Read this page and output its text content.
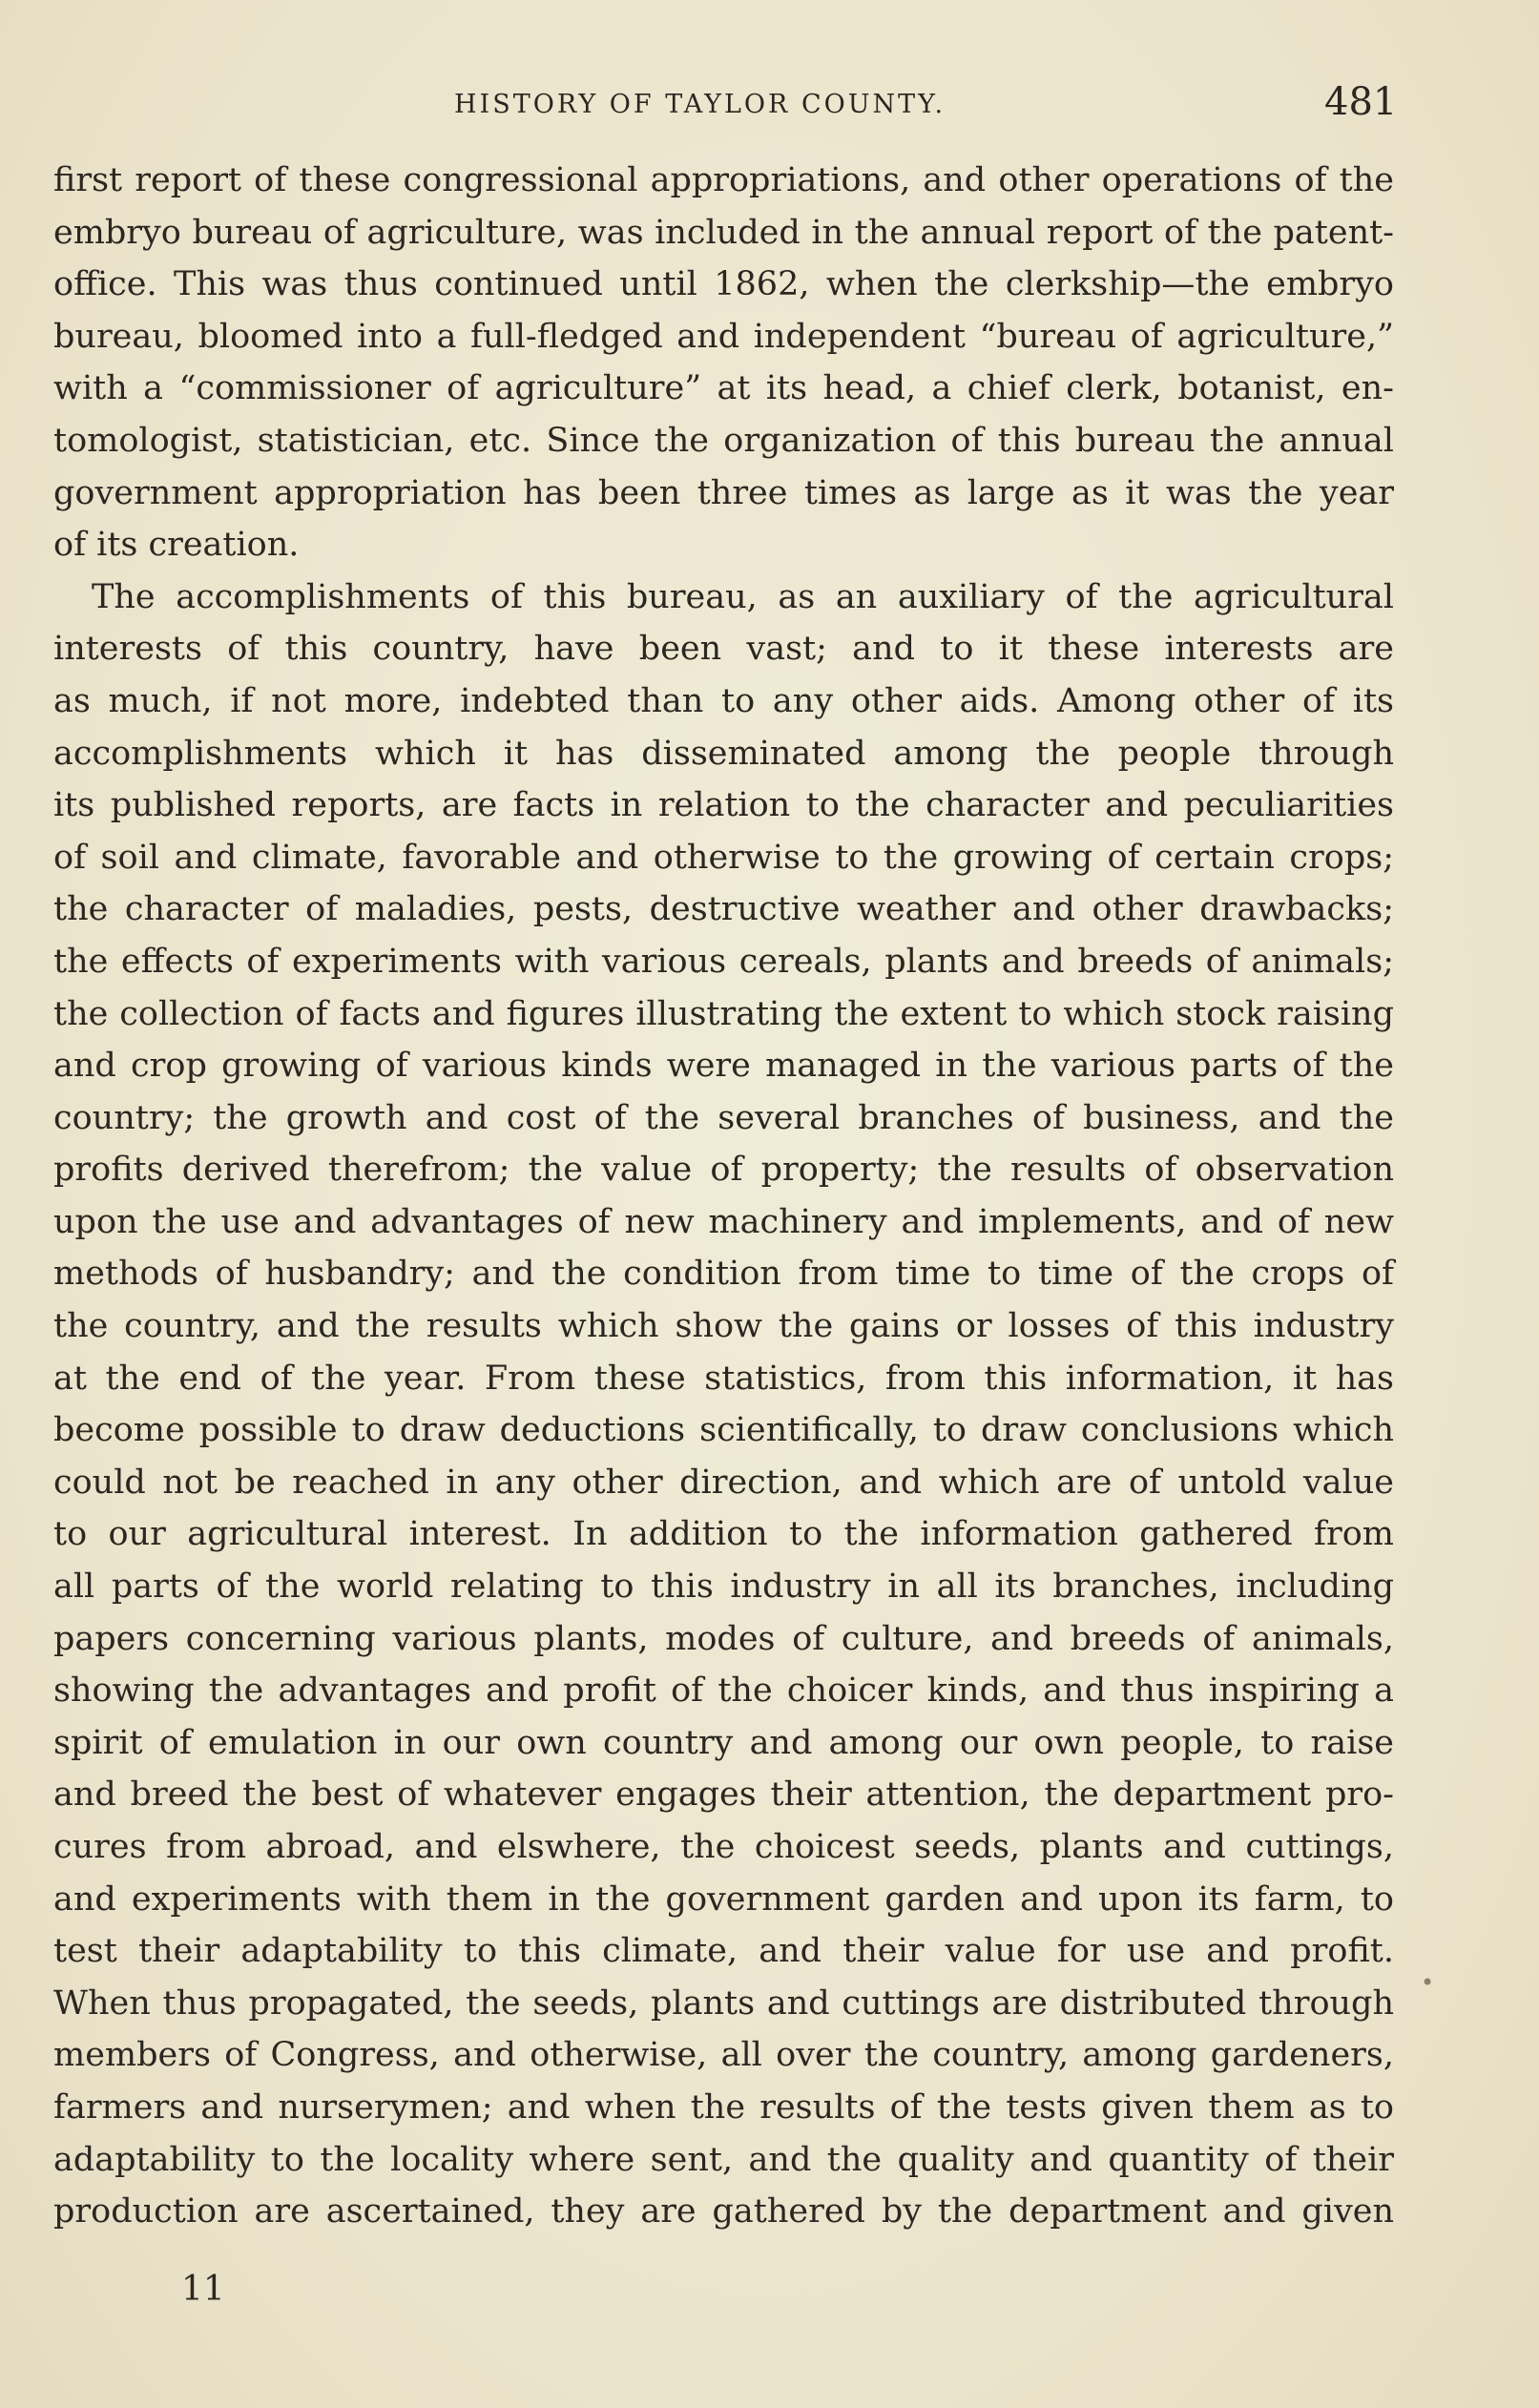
HISTORY OF TAYLOR COUNTY.	481
first report of these congressional appropriations, and other operations of the
embryo bureau of agriculture, was included in the annual report of the patent-
office. This was thus continued until 1862, when the clerkship—the embryo
bureau, bloomed into a full-fledged and independent “bureau of agriculture,”
with a “commissioner of agriculture” at its head, a chief clerk, botanist, en-
tomologist, statistician, etc. Since the organization of this bureau the annual
government appropriation has been three times as large as it was the year
of its creation.
The accomplishments of this bureau, as an auxiliary of the agricultural
interests of this country, have been vast; and to it these interests are
as much, if not more, indebted than to any other aids. Among other of its
accomplishments which it has disseminated among the people through
its published reports, are facts in relation to the character and peculiarities
of soil and climate, favorable and otherwise to the growing of certain crops;
the character of maladies, pests, destructive weather and other drawbacks;
the effects of experiments with various cereals, plants and breeds of animals;
the collection of facts and figures illustrating the extent to which stock raising
and crop growing of various kinds were managed in the various parts of the
country; the growth and cost of the several branches of business, and the
profits derived therefrom; the value of property; the results of observation
upon the use and advantages of new machinery and implements, and of new
methods of husbandry; and the condition from time to time of the crops of
the country, and the results which show the gains or losses of this industry
at the end of the year. From these statistics, from this information, it has
become possible to draw deductions scientifically, to draw conclusions which
could not be reached in any other direction, and which are of untold value
to our agricultural interest. In addition to the information gathered from
all parts of the world relating to this industry in all its branches, including
papers concerning various plants, modes of culture, and breeds of animals,
showing the advantages and profit of the choicer kinds, and thus inspiring a
spirit of emulation in our own country and among our own people, to raise
and breed the best of whatever engages their attention, the department pro-
cures from abroad, and elswhere, the choicest seeds, plants and cuttings,
and experiments with them in the government garden and upon its farm, to
test their adaptability to this climate, and their value for use and profit.
When thus propagated, the seeds, plants and cuttings are distributed through
members of Congress, and otherwise, all over the country, among gardeners,
farmers and nurserymen; and when the results of the tests given them as to
adaptability to the locality where sent, and the quality and quantity of their
production are ascertained, they are gathered by the department and given
11
•
